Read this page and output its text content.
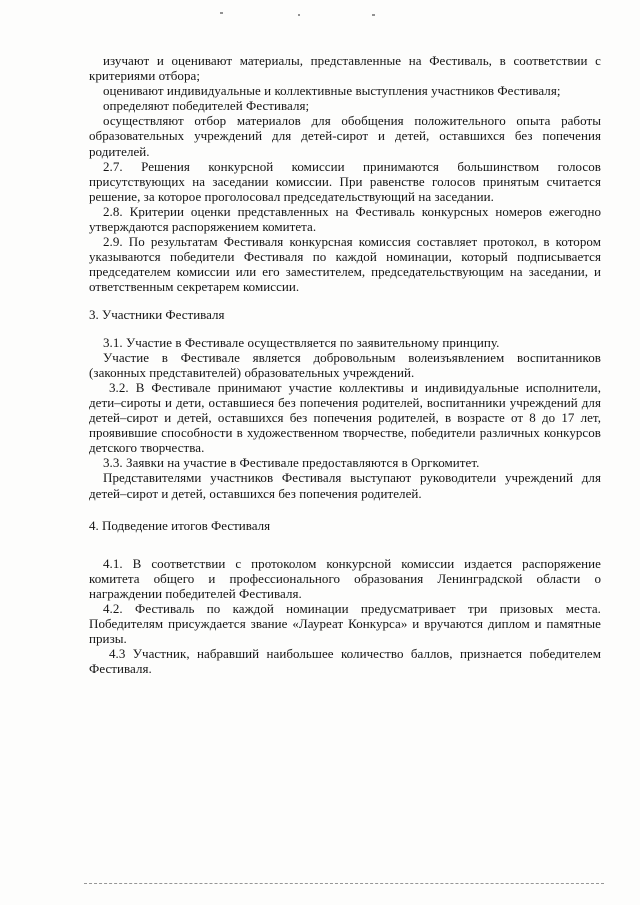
изучают и оценивают материалы, представленные на Фестиваль, в соответствии с критериями отбора;

оценивают индивидуальные и коллективные выступления участников Фестиваля;

определяют победителей Фестиваля;

осуществляют отбор материалов для обобщения положительного опыта работы образовательных учреждений для детей-сирот и детей, оставшихся без попечения родителей.

2.7. Решения конкурсной комиссии принимаются большинством голосов присутствующих на заседании комиссии. При равенстве голосов принятым считается решение, за которое проголосовал председательствующий на заседании.

2.8. Критерии оценки представленных на Фестиваль конкурсных номеров ежегодно утверждаются распоряжением комитета.

2.9. По результатам Фестиваля конкурсная комиссия составляет протокол, в котором указываются победители Фестиваля по каждой номинации, который подписывается председателем комиссии или его заместителем, председательствующим на заседании, и ответственным секретарем комиссии.

3. Участники Фестиваля

3.1. Участие в Фестивале осуществляется по заявительному принципу.

Участие в Фестивале является добровольным волеизъявлением воспитанников (законных представителей) образовательных учреждений.

3.2. В Фестивале принимают участие коллективы и индивидуальные исполнители, дети–сироты и дети, оставшиеся без попечения родителей, воспитанники учреждений для детей–сирот и детей, оставшихся без попечения родителей, в возрасте от 8 до 17 лет, проявившие способности в художественном творчестве, победители различных конкурсов детского творчества.

3.3. Заявки на участие в Фестивале предоставляются в Оргкомитет.

Представителями участников Фестиваля выступают руководители учреждений для детей–сирот и детей, оставшихся без попечения родителей.

4. Подведение итогов Фестиваля

4.1. В соответствии с протоколом конкурсной комиссии издается распоряжение комитета общего и профессионального образования Ленинградской области о награждении победителей Фестиваля.

4.2. Фестиваль по каждой номинации предусматривает три призовых места. Победителям присуждается звание «Лауреат Конкурса» и вручаются диплом и памятные призы.

4.3 Участник, набравший наибольшее количество баллов, признается победителем Фестиваля.
